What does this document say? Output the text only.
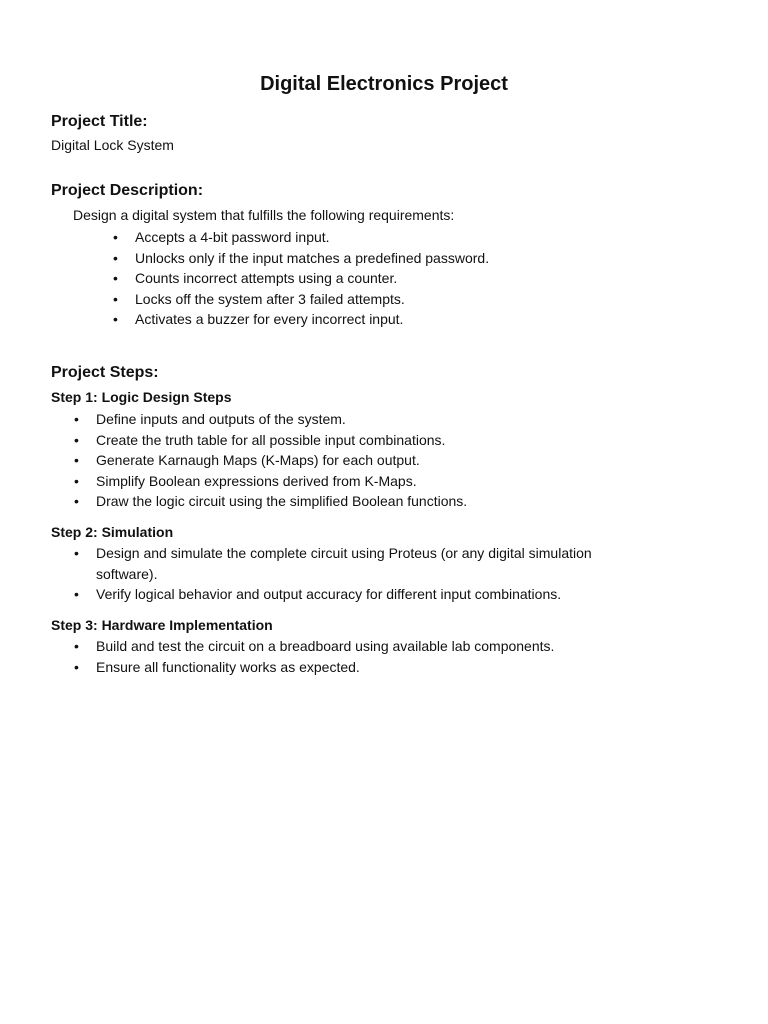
Digital Electronics Project
Project Title:

Digital Lock System

Project Description:

Design a digital system that fulfills the following requirements:

• Accepts a 4-bit password input.
• Unlocks only if the input matches a predefined password.
• Counts incorrect attempts using a counter.
• Locks off the system after 3 failed attempts.
• Activates a buzzer for every incorrect input.
Project Steps:
Step 1: Logic Design Steps
• Define inputs and outputs of the system.
• Create the truth table for all possible input combinations.
• Generate Karnaugh Maps (K-Maps) for each output.
• Simplify Boolean expressions derived from K-Maps.
• Draw the logic circuit using the simplified Boolean functions.
Step 2: Simulation
• Design and simulate the complete circuit using Proteus (or any digital simulation software).
• Verify logical behavior and output accuracy for different input combinations.
Step 3: Hardware Implementation
• Build and test the circuit on a breadboard using available lab components.
• Ensure all functionality works as expected.
